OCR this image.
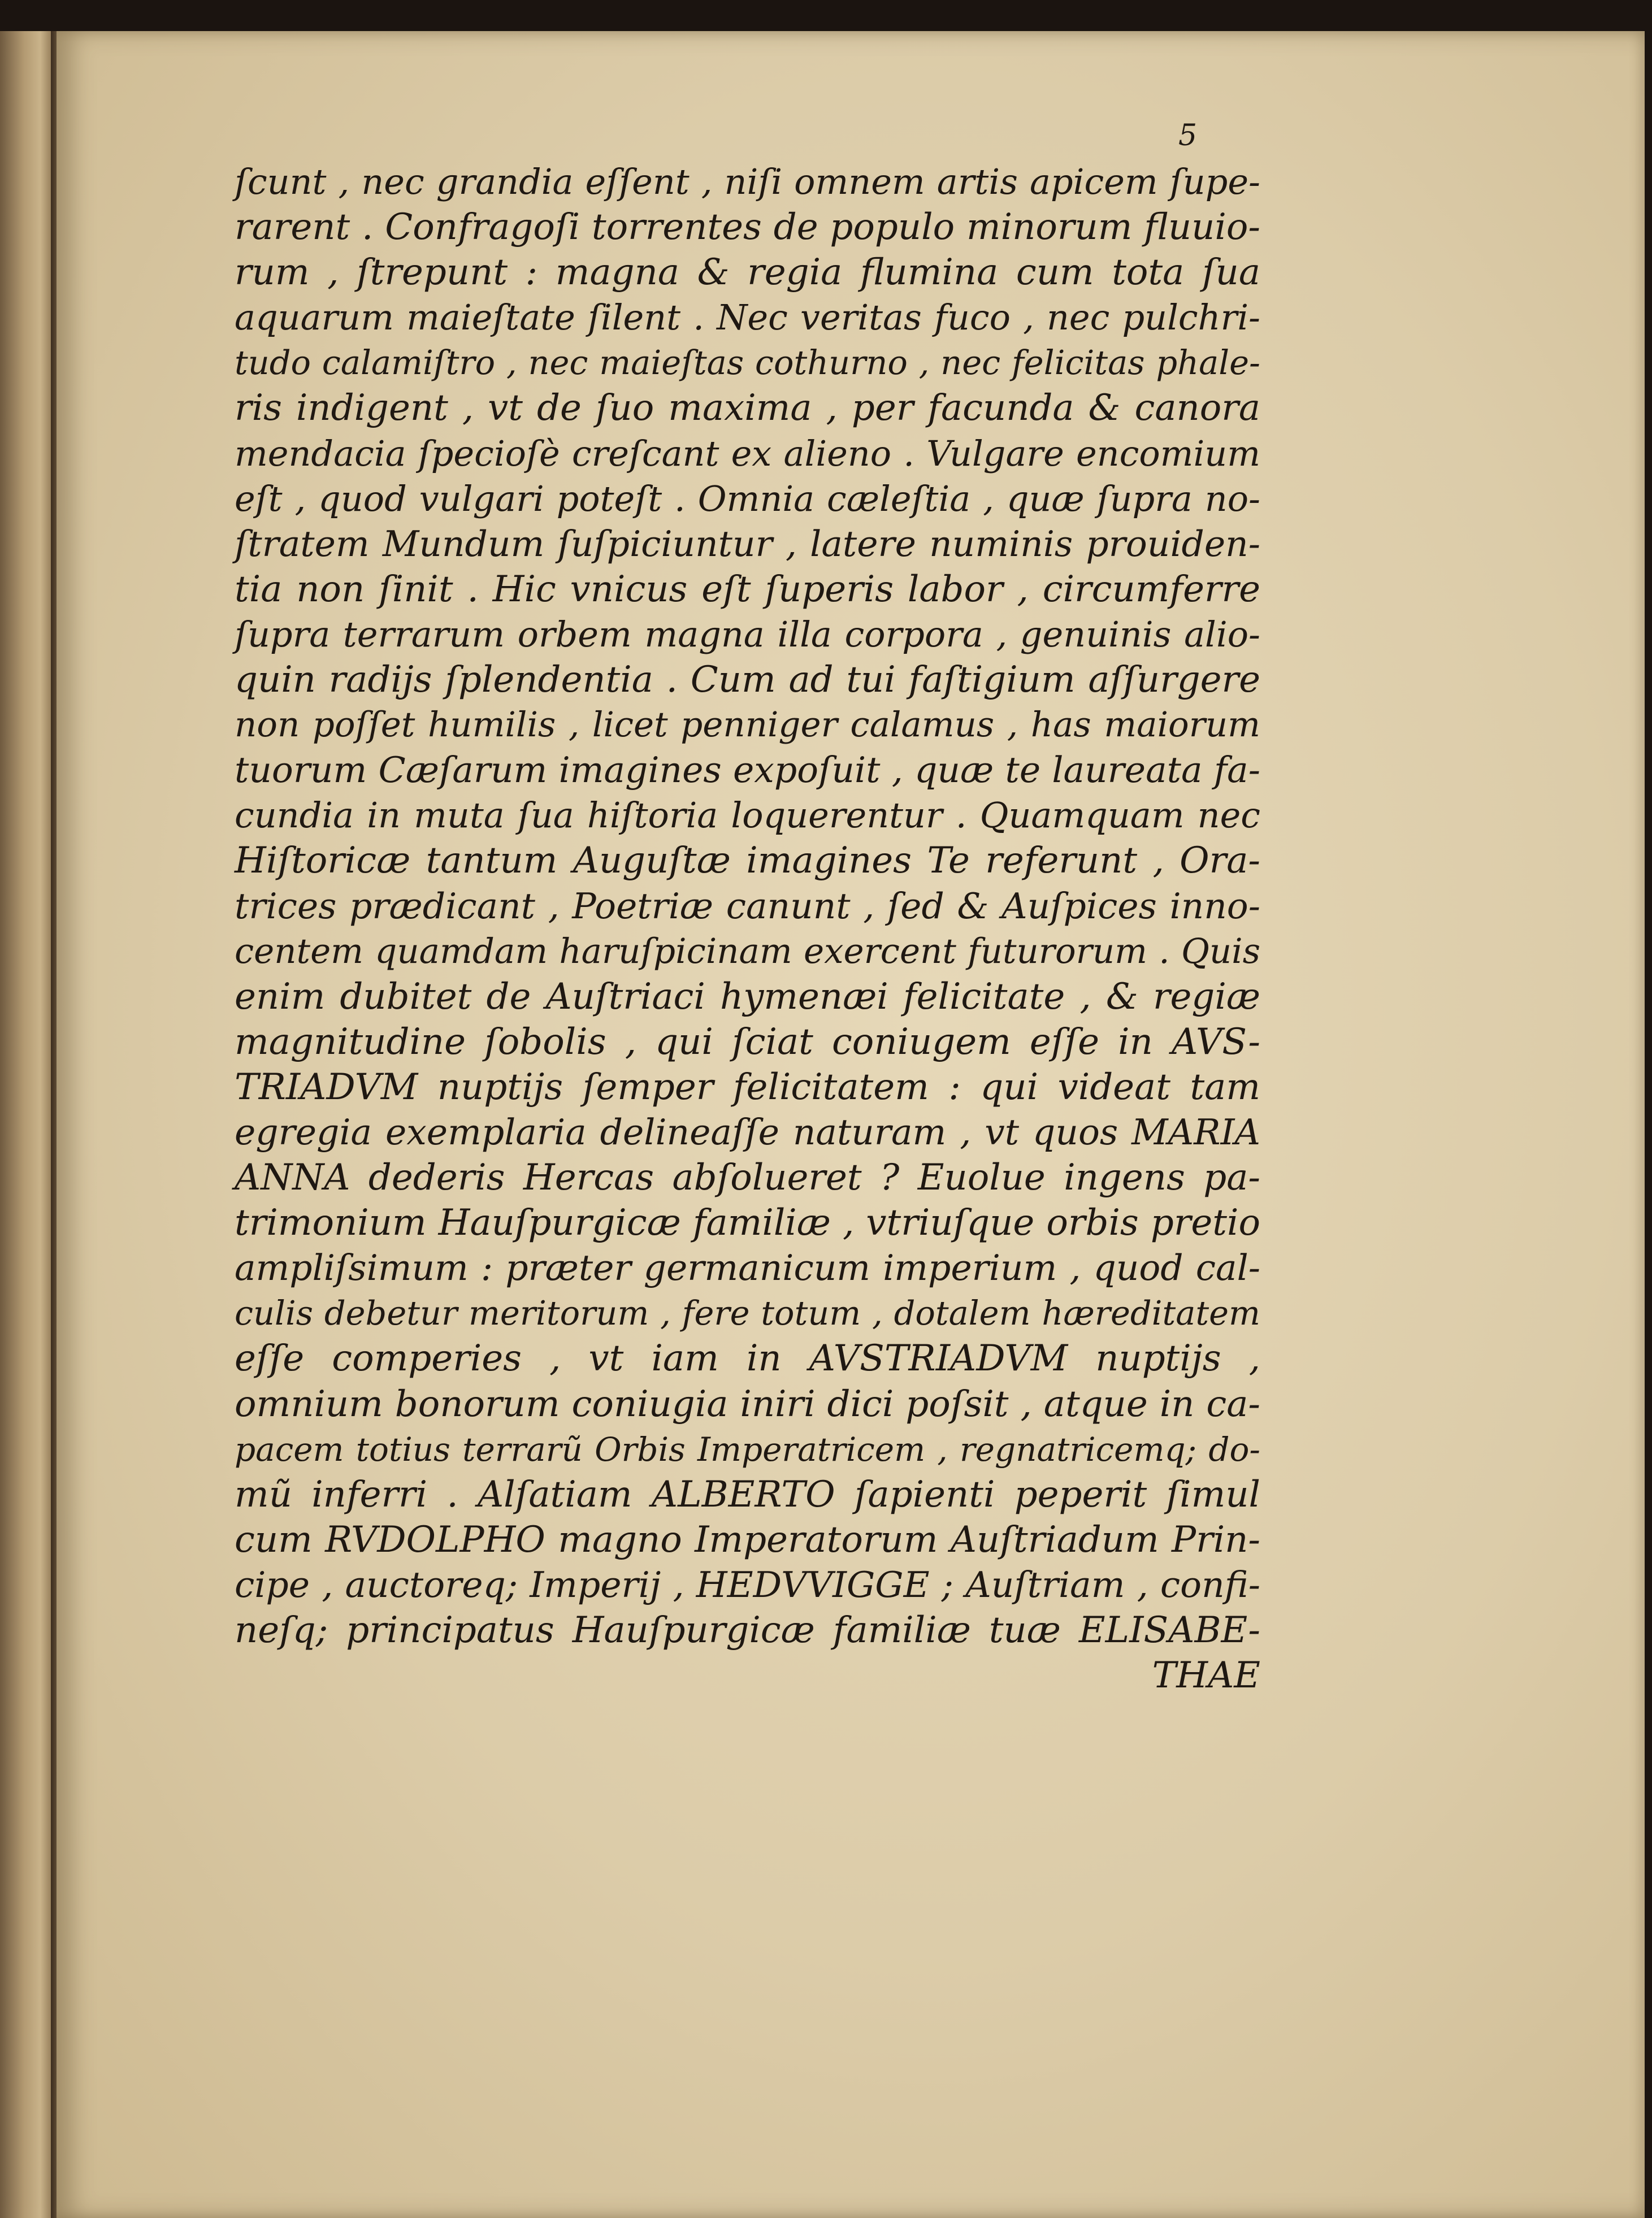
5

ſcunt , nec grandia eſſent , niſi omnem artis apicem ſupe-
rarent . Confragoſi torrentes de populo minorum fluuio-
rum , ſtrepunt : magna & regia flumina cum tota ſua
aquarum maieſtate ſilent . Nec veritas fuco , nec pulchri-
tudo calamiſtro , nec maieſtas cothurno , nec felicitas phale-
ris indigent , vt de ſuo maxima , per facunda & canora
mendacia ſpecioſè creſcant ex alieno . Vulgare encomium
eſt , quod vulgari poteſt . Omnia cæleſtia , quæ ſupra no-
ſtratem Mundum ſuſpiciuntur , latere numinis prouiden-
tia non ſinit . Hic vnicus eſt ſuperis labor , circumferre
ſupra terrarum orbem magna illa corpora , genuinis alio-
quin radijs ſplendentia . Cum ad tui faſtigium aſſurgere
non poſſet humilis , licet penniger calamus , has maiorum
tuorum Cæſarum imagines expoſuit , quæ te laureata fa-
cundia in muta ſua hiſtoria loquerentur . Quamquam nec
Hiſtoricæ tantum Auguſtæ imagines Te referunt , Ora-
trices prædicant , Poetriæ canunt , ſed & Auſpices inno-
centem quamdam haruſpicinam exercent futurorum . Quis
enim dubitet de Auſtriaci hymenæi felicitate , & regiæ
magnitudine ſobolis , qui ſciat coniugem eſſe in AVS-
TRIADVM nuptijs ſemper felicitatem : qui videat tam
egregia exemplaria delineaſſe naturam , vt quos MARIA
ANNA dederis Hercas abſolueret ? Euolue ingens pa-
trimonium Hauſpurgicæ familiæ , vtriuſque orbis pretio
ampliſsimum : præter germanicum imperium , quod cal-
culis debetur meritorum , fere totum , dotalem hæreditatem
eſſe comperies , vt iam in AVSTRIADVM nuptijs ,
omnium bonorum coniugia iniri dici poſsit , atque in ca-
pacem totius terrarũ Orbis Imperatricem , regnatricemq; do-
mũ inferri . Alſatiam ALBERTO ſapienti peperit ſimul
cum RVDOLPHO magno Imperatorum Auſtriadum Prin-
cipe , auctoreq; Imperij , HEDVVIGGE ; Auſtriam , confi-
neſq; principatus Hauſpurgicæ familiæ tuæ ELISABE-
THAE
